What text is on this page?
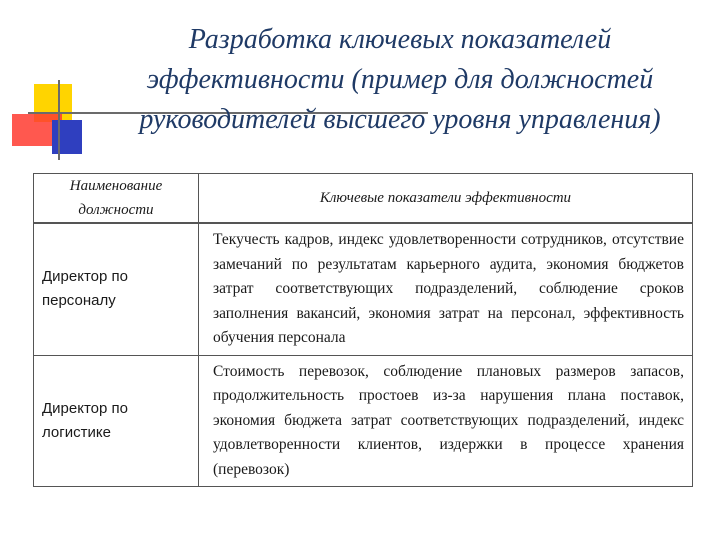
Разработка ключевых показателей эффективности (пример для должностей руководителей высшего уровня управления)
Наименование должности	Ключевые показатели эффективности
Директор по персоналу	Текучесть кадров, индекс удовлетворенности сотрудников, отсутствие замечаний по результатам карьерного аудита, экономия бюджетов затрат соответствующих подразделений, соблюдение сроков заполнения вакансий, экономия затрат на персонал, эффективность обучения персонала
Директор по логистике	Стоимость перевозок, соблюдение плановых размеров запасов, продолжительность простоев из-за нарушения плана поставок, экономия бюджета затрат соответствующих подразделений, индекс удовлетворенности клиентов, издержки в процессе хранения (перевозок)
